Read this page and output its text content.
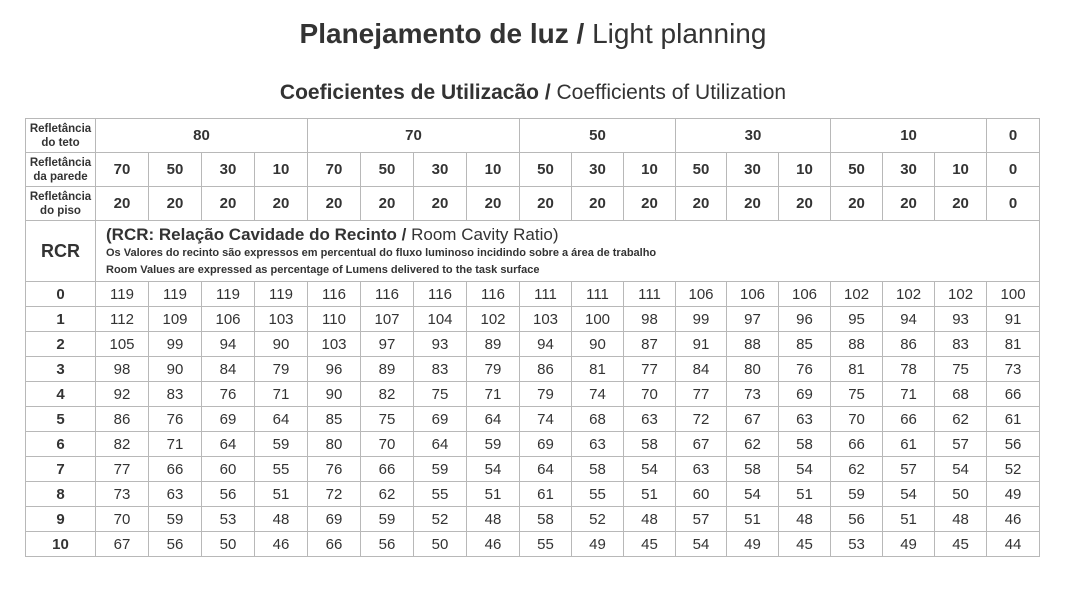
Planejamento de luz / Light planning
Coeficientes de Utilizacão / Coefficients of Utilization
Refletância
do teto	80				70				50			30			10			0

Refletância
da parede	70	50	30	10	70	50	30	10	50	30	10	50	30	10	50	30	10	0

Refletância
do piso	20	20	20	20	20	20	20	20	20	20	20	20	20	20	20	20	20	0
RCR	(RCR: Relação Cavidade do Recinto / Room Cavity Ratio)
Os Valores do recinto são expressos em percentual do fluxo luminoso incidindo sobre a área de trabalho
Room Values are expressed as percentage of Lumens delivered to the task surface																	

0	119	119	119	119	116	116	116	116	111	111	111	106	106	106	102	102	102	100
1	112	109	106	103	110	107	104	102	103	100	98	99	97	96	95	94	93	91
2	105	99	94	90	103	97	93	89	94	90	87	91	88	85	88	86	83	81
3	98	90	84	79	96	89	83	79	86	81	77	84	80	76	81	78	75	73
4	92	83	76	71	90	82	75	71	79	74	70	77	73	69	75	71	68	66
5	86	76	69	64	85	75	69	64	74	68	63	72	67	63	70	66	62	61
6	82	71	64	59	80	70	64	59	69	63	58	67	62	58	66	61	57	56
7	77	66	60	55	76	66	59	54	64	58	54	63	58	54	62	57	54	52
8	73	63	56	51	72	62	55	51	61	55	51	60	54	51	59	54	50	49
9	70	59	53	48	69	59	52	48	58	52	48	57	51	48	56	51	48	46
10	67	56	50	46	66	56	50	46	55	49	45	54	49	45	53	49	45	44
